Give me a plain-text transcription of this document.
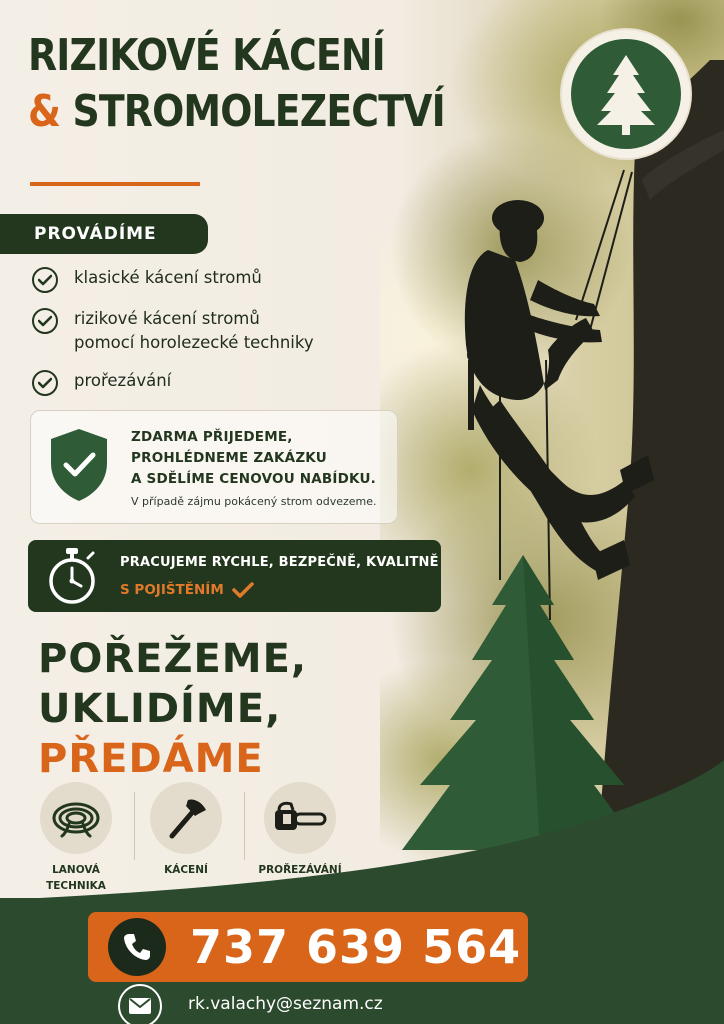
RIZIKOVÉ KÁCENÍ
& STROMOLEZECTVÍ
PROVÁDÍME
klasické kácení stromů
rizikové kácení stromů
pomocí horolezecké techniky
prořezávání
ZDARMA PŘIJEDEME,
PROHLÉDNEME ZAKÁZKU
A SDĚLÍME CENOVOU NABÍDKU.
V případě zájmu pokácený strom odvezeme.
PRACUJEME RYCHLE, BEZPEČNĚ, KVALITNĚ
S POJIŠTĚNÍM
POŘEŽEME,
UKLIDÍME,
PŘEDÁME
LANOVÁ
TECHNIKA
KÁCENÍ	PROŘEZÁVÁNÍ
737 639 564
rk.valachy@seznam.cz
